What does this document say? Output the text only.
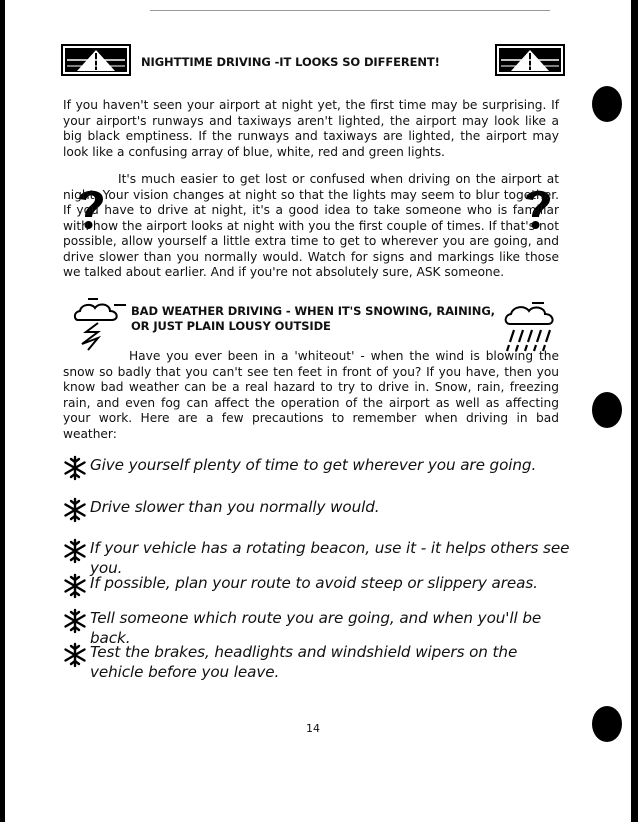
NIGHTTIME DRIVING -IT LOOKS SO DIFFERENT!

If you haven't seen your airport at night yet, the first time may be surprising. If your airport's runways and taxiways aren't lighted, the airport may look like a big black emptiness. If the runways and taxiways are lighted, the airport may look like a confusing array of blue, white, red and green lights.

It's much easier to get lost or confused when driving on the airport at night. Your vision changes at night so that the lights may seem to blur together. If you have to drive at night, it's a good idea to take someone who is familiar with how the airport looks at night with you the first couple of times. If that's not possible, allow yourself a little extra time to get to wherever you are going, and drive slower than you normally would. Watch for signs and markings like those we talked about earlier. And if you're not absolutely sure, ASK someone.

BAD WEATHER DRIVING - WHEN IT'S SNOWING, RAINING, OR JUST PLAIN LOUSY OUTSIDE

Have you ever been in a 'whiteout' - when the wind is blowing the snow so badly that you can't see ten feet in front of you? If you have, then you know bad weather can be a real hazard to try to drive in. Snow, rain, freezing rain, and even fog can affect the operation of the airport as well as affecting your work. Here are a few precautions to remember when driving in bad weather:

Give yourself plenty of time to get wherever you are going.

Drive slower than you normally would.

If your vehicle has a rotating beacon, use it - it helps others see you.

If possible, plan your route to avoid steep or slippery areas.

Tell someone which route you are going, and when you'll be back.

Test the brakes, headlights and windshield wipers on the vehicle before you leave.

14
